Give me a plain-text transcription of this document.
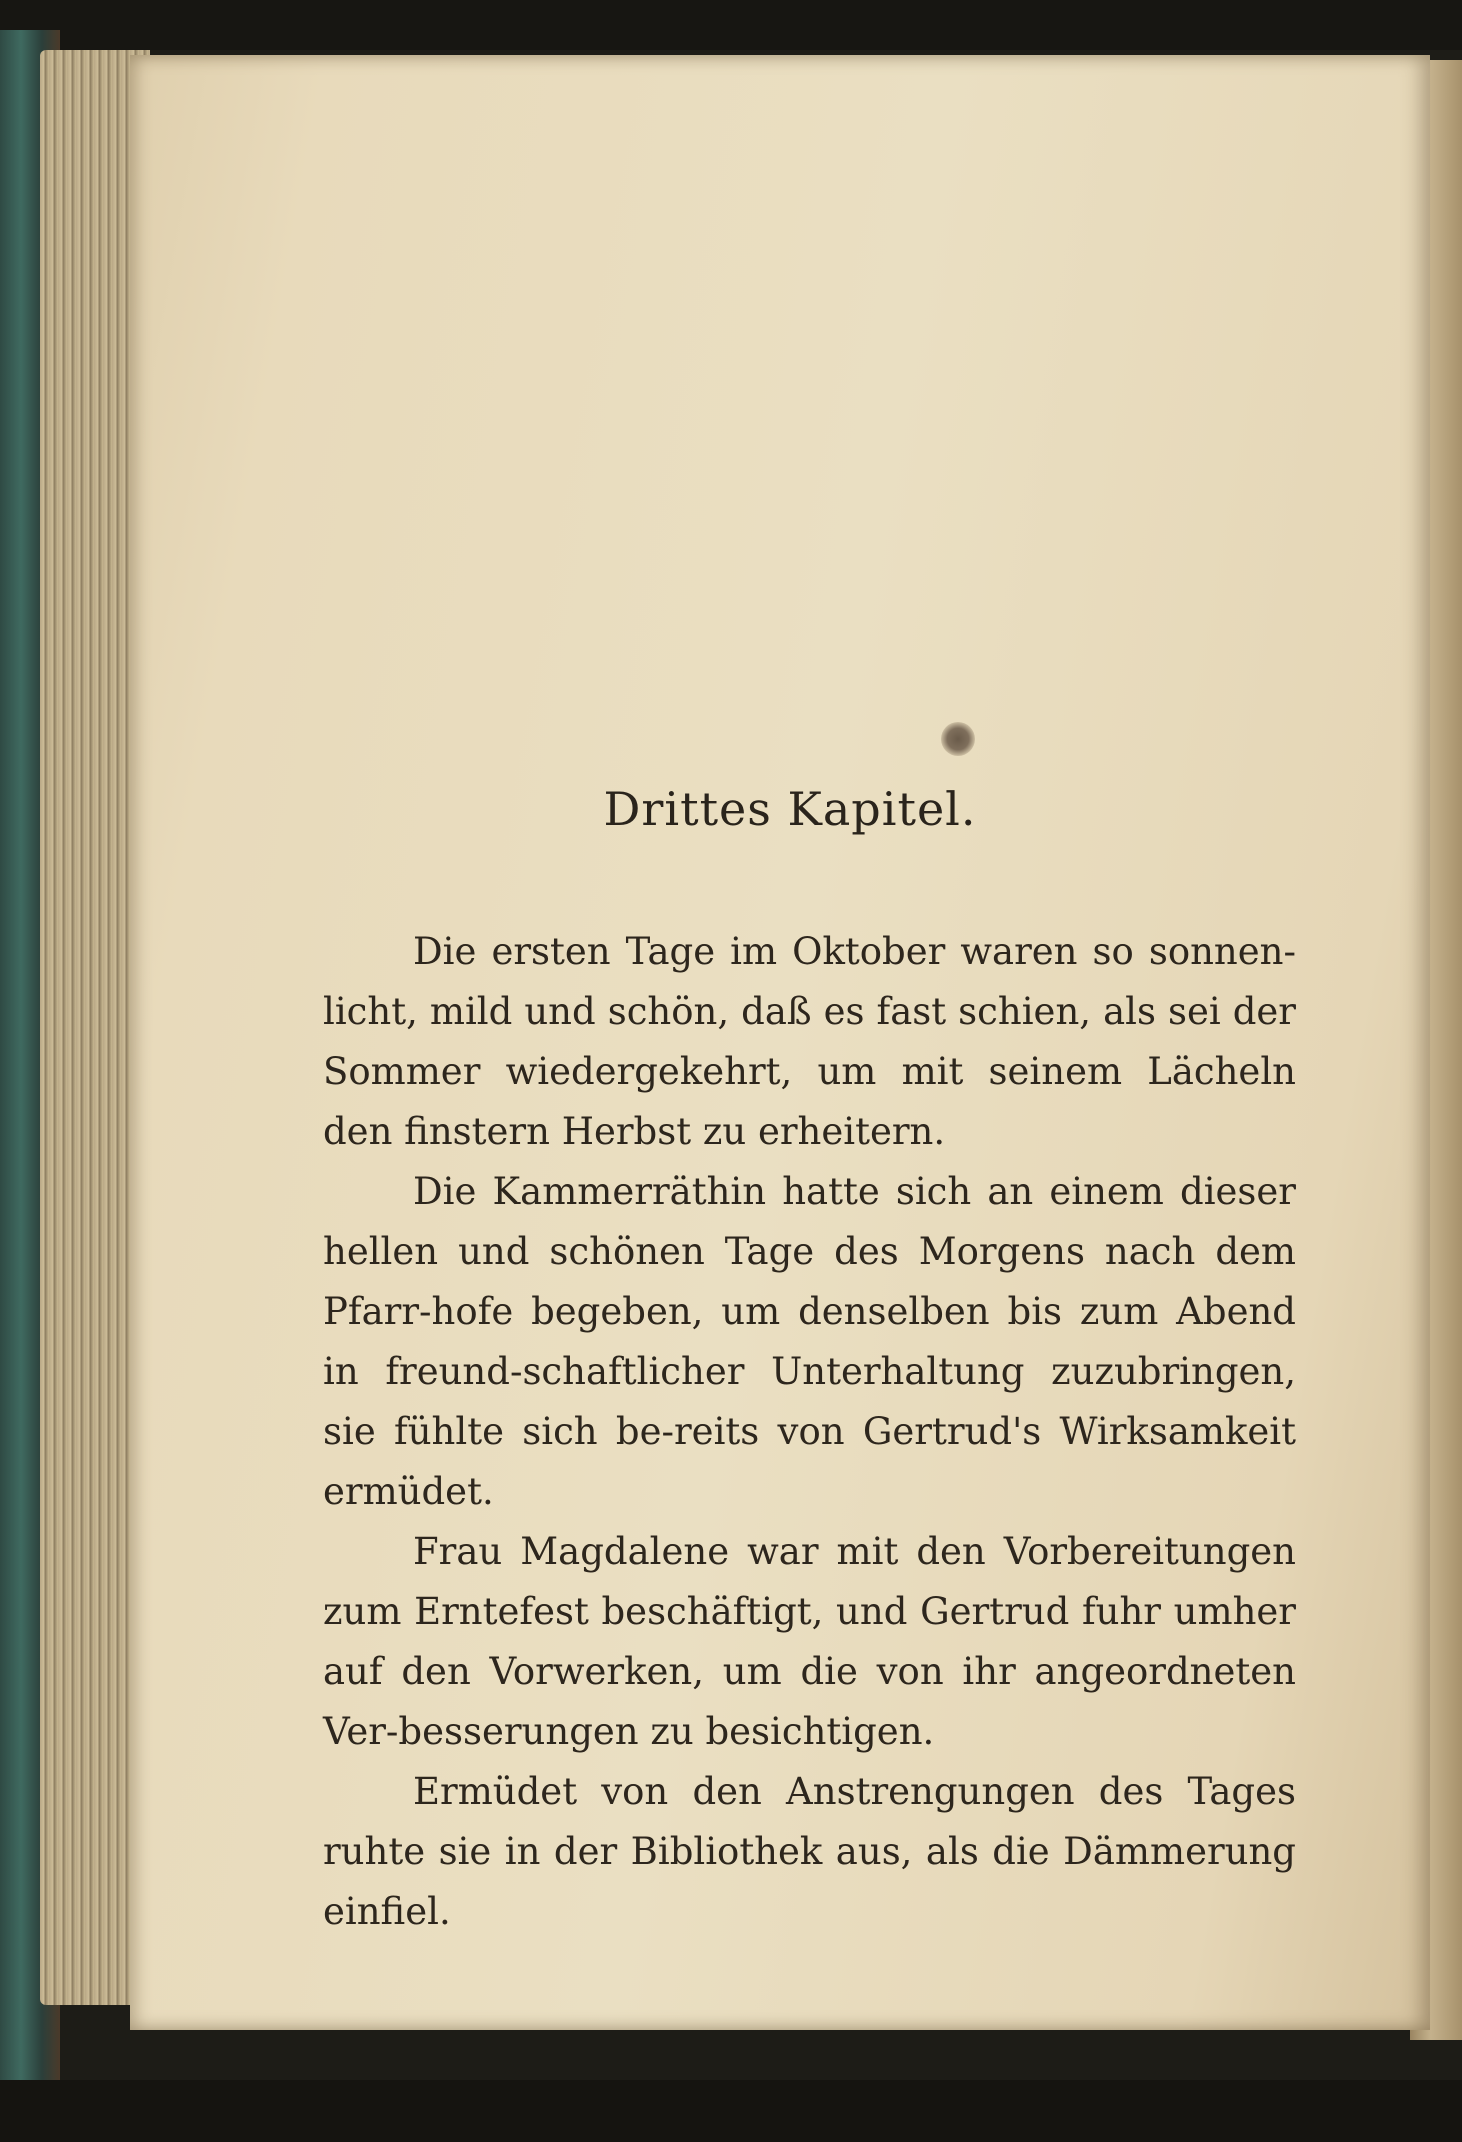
Drittes Kapitel.

Die ersten Tage im Oktober waren so sonnen-licht, mild und schön, daß es fast schien, als sei der Sommer wiedergekehrt, um mit seinem Lächeln den finstern Herbst zu erheitern.

Die Kammerräthin hatte sich an einem dieser hellen und schönen Tage des Morgens nach dem Pfarr-hofe begeben, um denselben bis zum Abend in freund-schaftlicher Unterhaltung zuzubringen, sie fühlte sich be-reits von Gertrud's Wirksamkeit ermüdet.

Frau Magdalene war mit den Vorbereitungen zum Erntefest beschäftigt, und Gertrud fuhr umher auf den Vorwerken, um die von ihr angeordneten Ver-besserungen zu besichtigen.

Ermüdet von den Anstrengungen des Tages ruhte sie in der Bibliothek aus, als die Dämmerung einfiel.
